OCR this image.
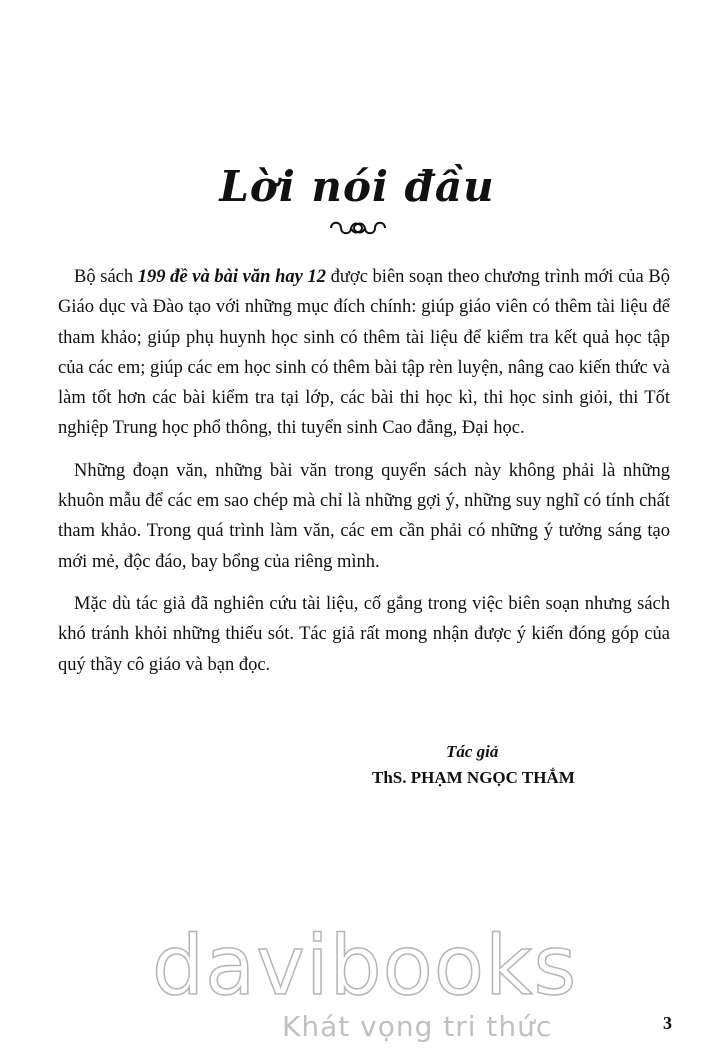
Lời nói đầu

Bộ sách 199 đề và bài văn hay 12 được biên soạn theo chương trình mới của Bộ Giáo dục và Đào tạo với những mục đích chính: giúp giáo viên có thêm tài liệu để tham khảo; giúp phụ huynh học sinh có thêm tài liệu để kiểm tra kết quả học tập của các em; giúp các em học sinh có thêm bài tập rèn luyện, nâng cao kiến thức và làm tốt hơn các bài kiểm tra tại lớp, các bài thi học kì, thi học sinh giỏi, thi Tốt nghiệp Trung học phổ thông, thi tuyển sinh Cao đẳng, Đại học.

Những đoạn văn, những bài văn trong quyển sách này không phải là những khuôn mẫu để các em sao chép mà chỉ là những gợi ý, những suy nghĩ có tính chất tham khảo. Trong quá trình làm văn, các em cần phải có những ý tưởng sáng tạo mới mẻ, độc đáo, bay bổng của riêng mình.

Mặc dù tác giả đã nghiên cứu tài liệu, cố gắng trong việc biên soạn nhưng sách khó tránh khỏi những thiếu sót. Tác giả rất mong nhận được ý kiến đóng góp của quý thầy cô giáo và bạn đọc.

Tác giả
ThS. PHẠM NGỌC THẮM
davibooks
Khát vọng tri thức	3
